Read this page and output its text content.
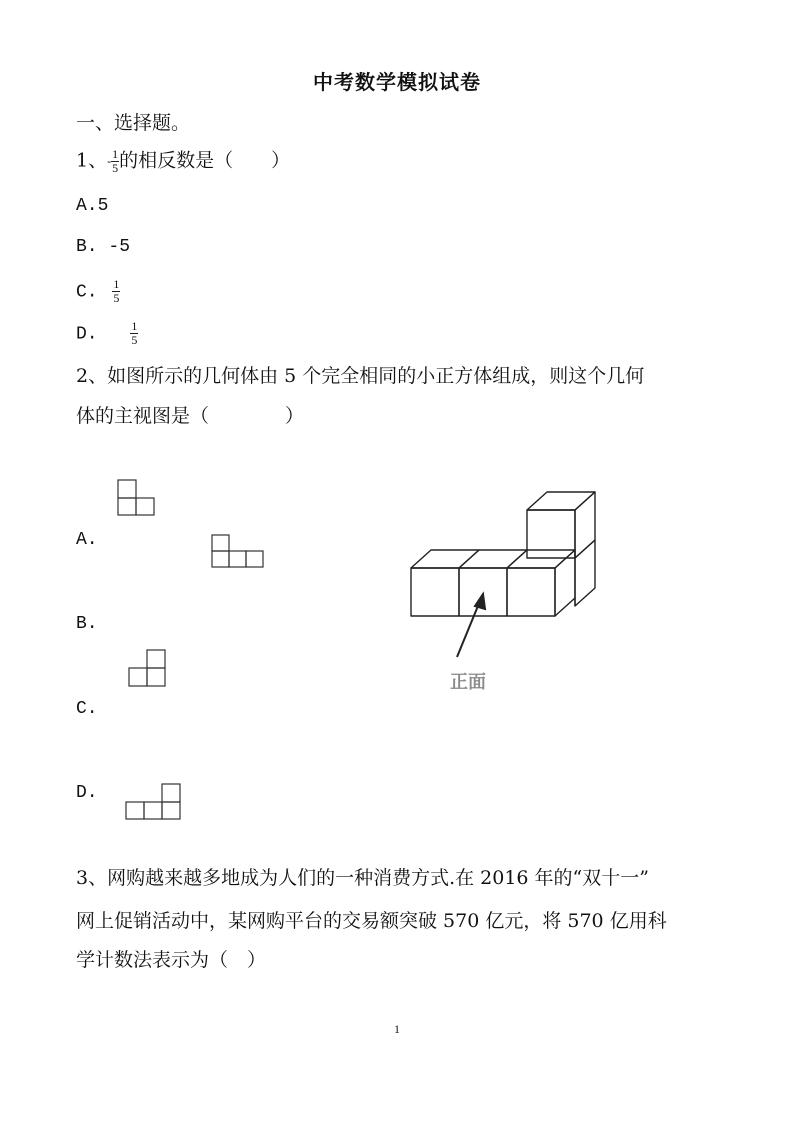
中考数学模拟试卷
一、选择题。
1、- $\frac{1}{5}$ 的相反数是（　　）
A.5
B. -5
C. $\frac{1}{5}$
D.	$\frac{1}{5}$
2、如图所示的几何体由 5 个完全相同的小正方体组成，则这个几何
体的主视图是（　　　　）
A.
B.
C.
D.
正面
3、网购越来越多地成为人们的一种消费方式.在 2016 年的“双十一”
网上促销活动中，某网购平台的交易额突破 570 亿元，将 570 亿用科
学计数法表示为（　）
1
